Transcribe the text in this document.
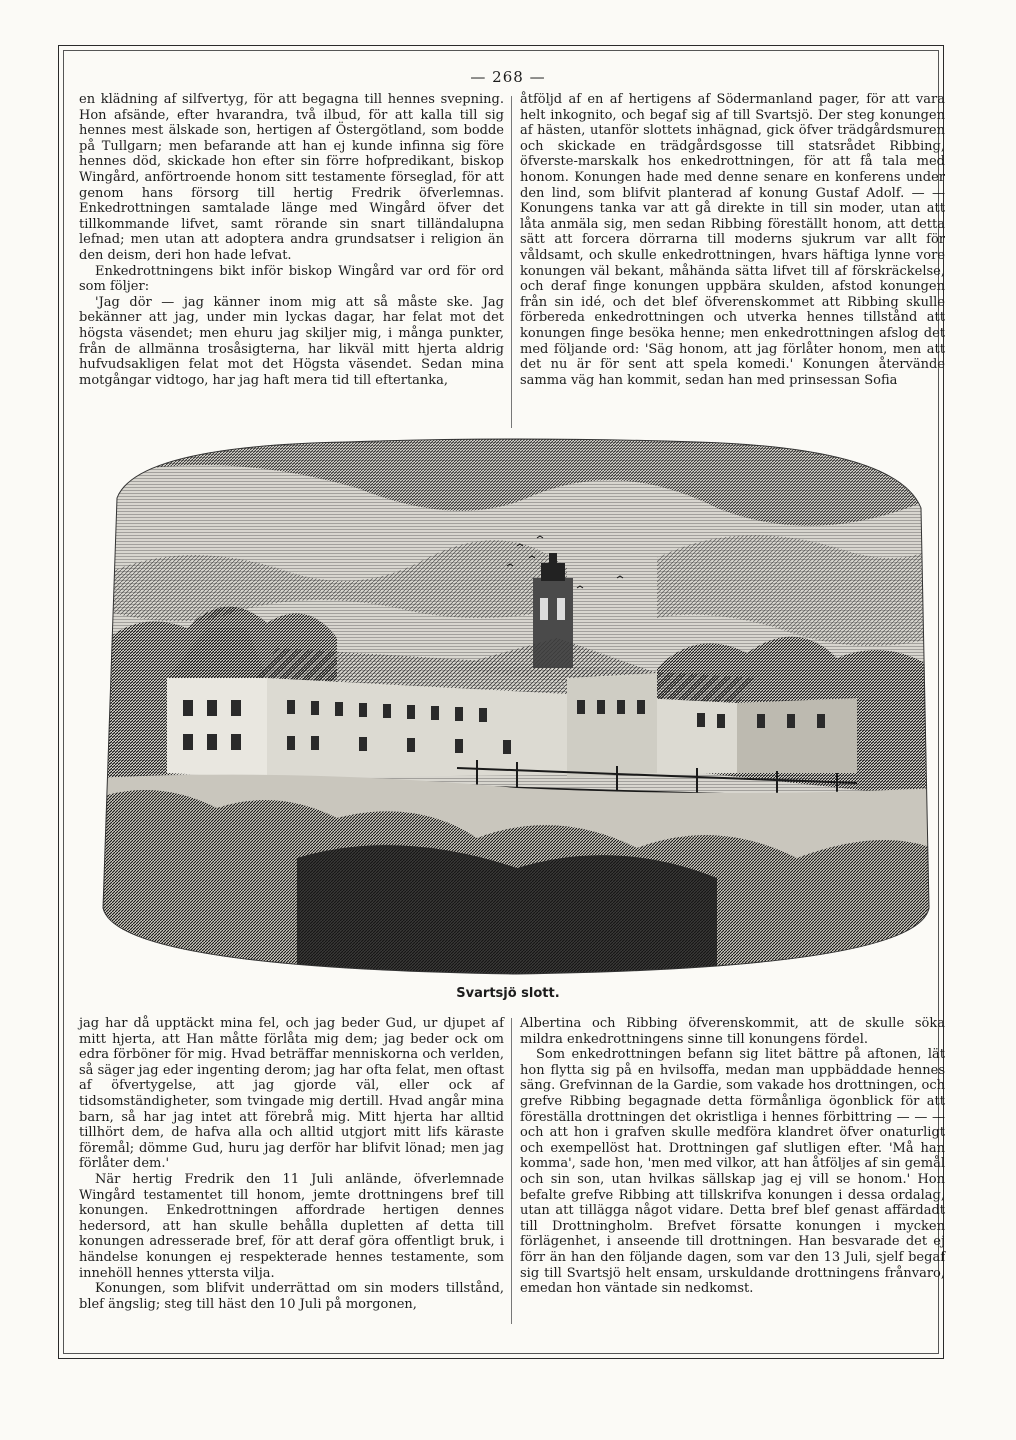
— 268 —

en klädning af silfvertyg, för att begagna till hennes svepning. Hon afsände, efter hvarandra, två ilbud, för att kalla till sig hennes mest älskade son, hertigen af Östergötland, som bodde på Tullgarn; men befarande att han ej kunde infinna sig före hennes död, skickade hon efter sin förre hofpredikant, biskop Wingård, anförtroende honom sitt testamente förseglad, för att genom hans försorg till hertig Fredrik öfverlemnas. Enkedrottningen samtalade länge med Wingård öfver det tillkommande lifvet, samt rörande sin snart tilländalupna lefnad; men utan att adoptera andra grundsatser i religion än den deism, deri hon hade lefvat.

Enkedrottningens bikt inför biskop Wingård var ord för ord som följer:

'Jag dör — jag känner inom mig att så måste ske. Jag bekänner att jag, under min lyckas dagar, har felat mot det högsta väsendet; men ehuru jag skiljer mig, i många punkter, från de allmänna trosåsigterna, har likväl mitt hjerta aldrig hufvudsakligen felat mot det Högsta väsendet. Sedan mina motgångar vidtogo, har jag haft mera tid till eftertanka,

åtföljd af en af hertigens af Södermanland pager, för att vara helt inkognito, och begaf sig af till Svartsjö. Der steg konungen af hästen, utanför slottets inhägnad, gick öfver trädgårdsmuren och skickade en trädgårdsgosse till statsrådet Ribbing, öfverste-marskalk hos enkedrottningen, för att få tala med honom. Konungen hade med denne senare en konferens under den lind, som blifvit planterad af konung Gustaf Adolf. — — Konungens tanka var att gå direkte in till sin moder, utan att låta anmäla sig, men sedan Ribbing föreställt honom, att detta sätt att forcera dörrarna till moderns sjukrum var allt för våldsamt, och skulle enkedrottningen, hvars häftiga lynne vore konungen väl bekant, måhända sätta lifvet till af förskräckelse, och deraf finge konungen uppbära skulden, afstod konungen från sin idé, och det blef öfverenskommet att Ribbing skulle förbereda enkedrottningen och utverka hennes tillstånd att konungen finge besöka henne; men enkedrottningen afslog det med följande ord: 'Säg honom, att jag förlåter honom, men att det nu är för sent att spela komedi.' Konungen återvände samma väg han kommit, sedan han med prinsessan Sofia

Svartsjö slott.

jag har då upptäckt mina fel, och jag beder Gud, ur djupet af mitt hjerta, att Han måtte förlåta mig dem; jag beder ock om edra förböner för mig. Hvad beträffar menniskorna och verlden, så säger jag eder ingenting derom; jag har ofta felat, men oftast af öfvertygelse, att jag gjorde väl, eller ock af tidsomständigheter, som tvingade mig dertill. Hvad angår mina barn, så har jag intet att förebrå mig. Mitt hjerta har alltid tillhört dem, de hafva alla och alltid utgjort mitt lifs käraste föremål; dömme Gud, huru jag derför har blifvit lönad; men jag förlåter dem.'

När hertig Fredrik den 11 Juli anlände, öfverlemnade Wingård testamentet till honom, jemte drottningens bref till konungen. Enkedrottningen affordrade hertigen dennes hedersord, att han skulle behålla dupletten af detta till konungen adresserade bref, för att deraf göra offentligt bruk, i händelse konungen ej respekterade hennes testamente, som innehöll hennes yttersta vilja.

Konungen, som blifvit underrättad om sin moders tillstånd, blef ängslig; steg till häst den 10 Juli på morgonen,

Albertina och Ribbing öfverenskommit, att de skulle söka mildra enkedrottningens sinne till konungens fördel.

Som enkedrottningen befann sig litet bättre på aftonen, lät hon flytta sig på en hvilsoffa, medan man uppbäddade hennes säng. Grefvinnan de la Gardie, som vakade hos drottningen, och grefve Ribbing begagnade detta förmånliga ögonblick för att föreställa drottningen det okristliga i hennes förbittring — — — och att hon i grafven skulle medföra klandret öfver onaturligt och exempellöst hat. Drottningen gaf slutligen efter. 'Må han komma', sade hon, 'men med vilkor, att han åtföljes af sin gemål och sin son, utan hvilkas sällskap jag ej vill se honom.' Hon befalte grefve Ribbing att tillskrifva konungen i dessa ordalag, utan att tillägga något vidare. Detta bref blef genast affärdadt till Drottningholm. Brefvet försatte konungen i mycken förlägenhet, i anseende till drottningen. Han besvarade det ej förr än han den följande dagen, som var den 13 Juli, sjelf begaf sig till Svartsjö helt ensam, urskuldande drottningens frånvaro, emedan hon väntade sin nedkomst.
